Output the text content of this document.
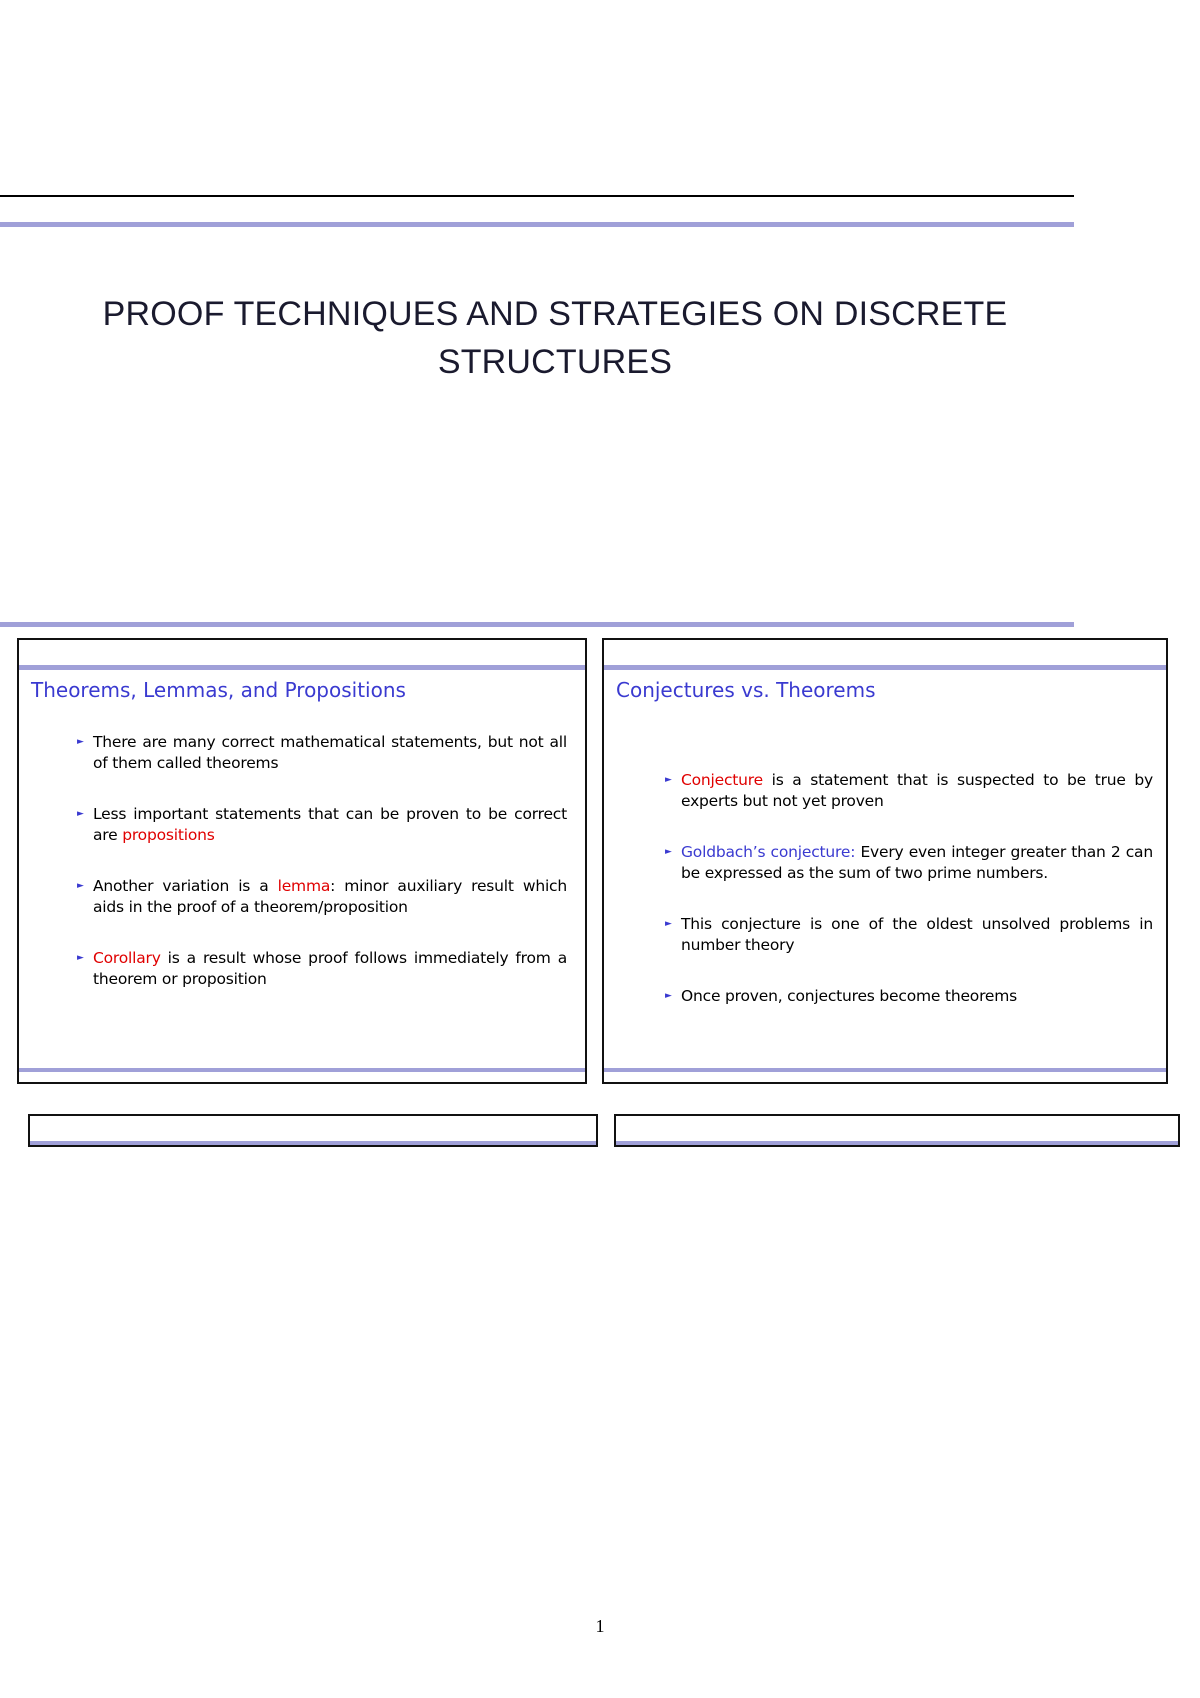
PROOF TECHNIQUES AND STRATEGIES ON DISCRETE STRUCTURES
Theorems, Lemmas, and Propositions
► There are many correct mathematical statements, but not all of them called theorems
► Less important statements that can be proven to be correct are propositions
► Another variation is a lemma: minor auxiliary result which aids in the proof of a theorem/proposition
► Corollary is a result whose proof follows immediately from a theorem or proposition
Conjectures vs. Theorems
► Conjecture is a statement that is suspected to be true by experts but not yet proven
► Goldbach’s conjecture: Every even integer greater than 2 can be expressed as the sum of two prime numbers.
► This conjecture is one of the oldest unsolved problems in number theory
► Once proven, conjectures become theorems
1
